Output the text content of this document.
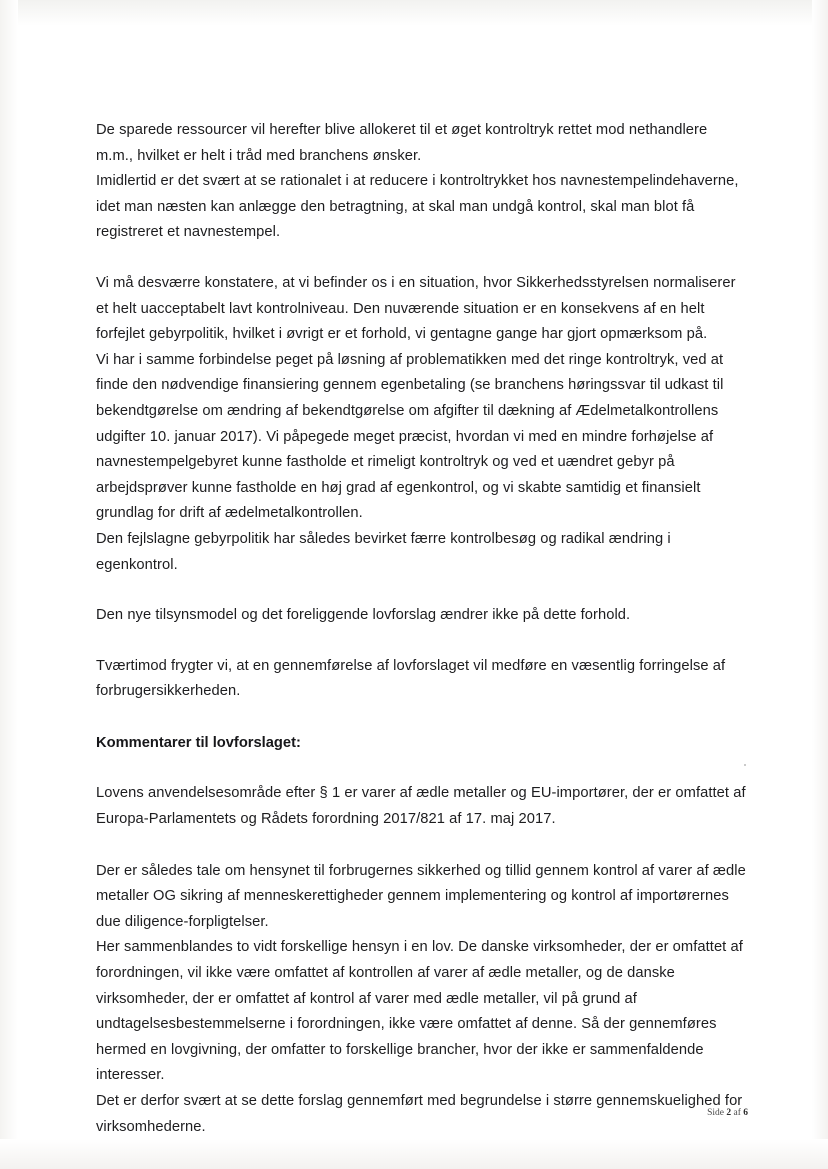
De sparede ressourcer vil herefter blive allokeret til et øget kontroltryk rettet mod nethandlere m.m., hvilket er helt i tråd med branchens ønsker.

Imidlertid er det svært at se rationalet i at reducere i kontroltrykket hos navnestempelindehaverne, idet man næsten kan anlægge den betragtning, at skal man undgå kontrol, skal man blot få registreret et navnestempel.

Vi må desværre konstatere, at vi befinder os i en situation, hvor Sikkerhedsstyrelsen normaliserer et helt uacceptabelt lavt kontrolniveau. Den nuværende situation er en konsekvens af en helt forfejlet gebyrpolitik, hvilket i øvrigt er et forhold, vi gentagne gange har gjort opmærksom på.

Vi har i samme forbindelse peget på løsning af problematikken med det ringe kontroltryk, ved at finde den nødvendige finansiering gennem egenbetaling (se branchens høringssvar til udkast til bekendtgørelse om ændring af bekendtgørelse om afgifter til dækning af Ædelmetalkontrollens udgifter 10. januar 2017). Vi påpegede meget præcist, hvordan vi med en mindre forhøjelse af navnestempelgebyret kunne fastholde et rimeligt kontroltryk og ved et uændret gebyr på arbejdsprøver kunne fastholde en høj grad af egenkontrol, og vi skabte samtidig et finansielt grundlag for drift af ædelmetalkontrollen.

Den fejlslagne gebyrpolitik har således bevirket færre kontrolbesøg og radikal ændring i egenkontrol.

Den nye tilsynsmodel og det foreliggende lovforslag ændrer ikke på dette forhold.

Tværtimod frygter vi, at en gennemførelse af lovforslaget vil medføre en væsentlig forringelse af forbrugersikkerheden.

Kommentarer til lovforslaget:

Lovens anvendelsesområde efter § 1 er varer af ædle metaller og EU-importører, der er omfattet af Europa-Parlamentets og Rådets forordning 2017/821 af 17. maj 2017.

Der er således tale om hensynet til forbrugernes sikkerhed og tillid gennem kontrol af varer af ædle metaller OG sikring af menneskerettigheder gennem implementering og kontrol af importørernes due diligence-forpligtelser.

Her sammenblandes to vidt forskellige hensyn i en lov. De danske virksomheder, der er omfattet af forordningen, vil ikke være omfattet af kontrollen af varer af ædle metaller, og de danske virksomheder, der er omfattet af kontrol af varer med ædle metaller, vil på grund af undtagelsesbestemmelserne i forordningen, ikke være omfattet af denne. Så der gennemføres hermed en lovgivning, der omfatter to forskellige brancher, hvor der ikke er sammenfaldende interesser.

Det er derfor svært at se dette forslag gennemført med begrundelse i større gennemskuelighed for virksomhederne.

Side 2 af 6
